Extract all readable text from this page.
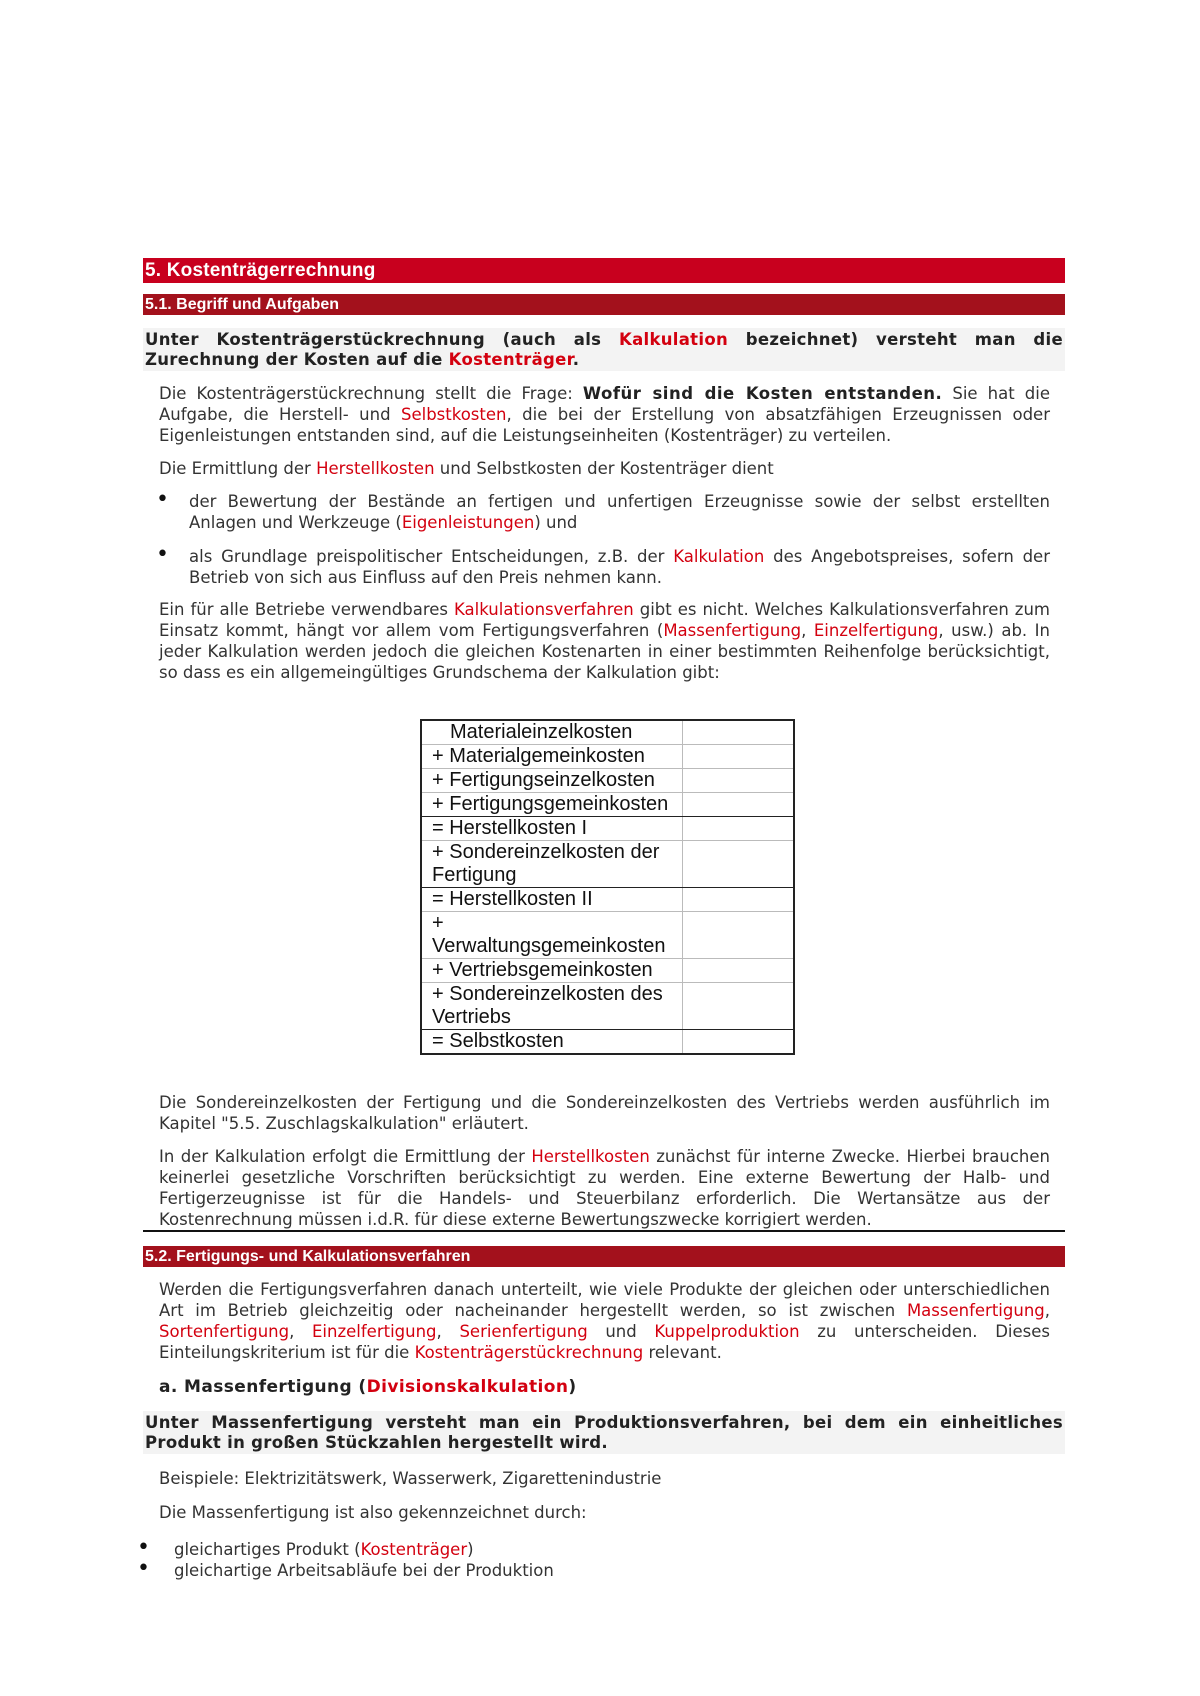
5. Kostenträgerrechnung
5.1. Begriff und Aufgaben
Unter Kostenträgerstückrechnung (auch als Kalkulation bezeichnet) versteht man die Zurechnung der Kosten auf die Kostenträger.
Die Kostenträgerstückrechnung stellt die Frage: Wofür sind die Kosten entstanden. Sie hat die Aufgabe, die Herstell- und Selbstkosten, die bei der Erstellung von absatzfähigen Erzeugnissen oder Eigenleistungen entstanden sind, auf die Leistungseinheiten (Kostenträger) zu verteilen.
Die Ermittlung der Herstellkosten und Selbstkosten der Kostenträger dient
• der Bewertung der Bestände an fertigen und unfertigen Erzeugnisse sowie der selbst erstellten Anlagen und Werkzeuge (Eigenleistungen) und
• als Grundlage preispolitischer Entscheidungen, z.B. der Kalkulation des Angebotspreises, sofern der Betrieb von sich aus Einfluss auf den Preis nehmen kann.
Ein für alle Betriebe verwendbares Kalkulationsverfahren gibt es nicht. Welches Kalkulationsverfahren zum Einsatz kommt, hängt vor allem vom Fertigungsverfahren (Massenfertigung, Einzelfertigung, usw.) ab. In jeder Kalkulation werden jedoch die gleichen Kostenarten in einer bestimmten Reihenfolge berücksichtigt, so dass es ein allgemeingültiges Grundschema der Kalkulation gibt:
Materialeinzelkosten	
+ Materialgemeinkosten	
+ Fertigungseinzelkosten	
+ Fertigungsgemeinkosten	
= Herstellkosten I	
+ Sondereinzelkosten der Fertigung	
= Herstellkosten II	
+ Verwaltungsgemeinkosten	
+ Vertriebsgemeinkosten	
+ Sondereinzelkosten des Vertriebs	
= Selbstkosten	
Die Sondereinzelkosten der Fertigung und die Sondereinzelkosten des Vertriebs werden ausführlich im Kapitel "5.5. Zuschlagskalkulation" erläutert.
In der Kalkulation erfolgt die Ermittlung der Herstellkosten zunächst für interne Zwecke. Hierbei brauchen keinerlei gesetzliche Vorschriften berücksichtigt zu werden. Eine externe Bewertung der Halb- und Fertigerzeugnisse ist für die Handels- und Steuerbilanz erforderlich. Die Wertansätze aus der Kostenrechnung müssen i.d.R. für diese externe Bewertungszwecke korrigiert werden.
5.2. Fertigungs- und Kalkulationsverfahren
Werden die Fertigungsverfahren danach unterteilt, wie viele Produkte der gleichen oder unterschiedlichen Art im Betrieb gleichzeitig oder nacheinander hergestellt werden, so ist zwischen Massenfertigung, Sortenfertigung, Einzelfertigung, Serienfertigung und Kuppelproduktion zu unterscheiden. Dieses Einteilungskriterium ist für die Kostenträgerstückrechnung relevant.
a. Massenfertigung (Divisionskalkulation)
Unter Massenfertigung versteht man ein Produktionsverfahren, bei dem ein einheitliches Produkt in großen Stückzahlen hergestellt wird.
Beispiele: Elektrizitätswerk, Wasserwerk, Zigarettenindustrie
Die Massenfertigung ist also gekennzeichnet durch:
• gleichartiges Produkt (Kostenträger)
• gleichartige Arbeitsabläufe bei der Produktion
